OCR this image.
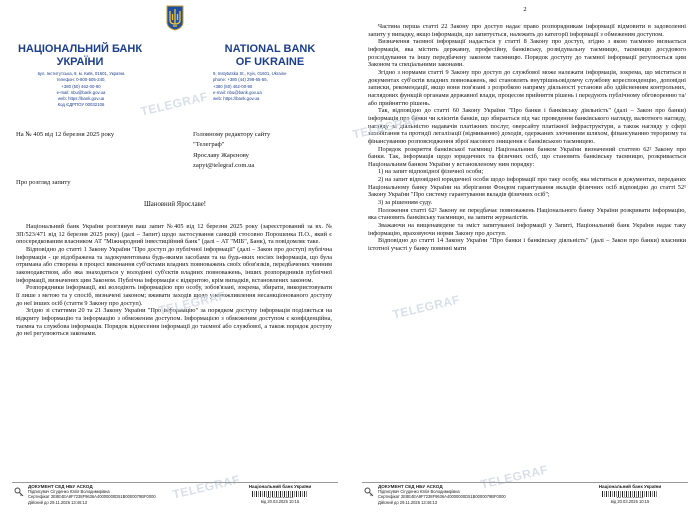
НАЦІОНАЛЬНИЙ БАНК
УКРАЇНИ
NATIONAL BANK
OF UKRAINE
вул. Інститутська, 9, м. Київ, 01601, Україна
телефон: 0-800-505-240,
+380 (50) 462-00-90
e-mail: nbu@bank.gov.ua
web: https://bank.gov.ua
Код ЄДРПОУ 00032106
9, Instytutska St., Kyiv, 01601, Ukraine
phone: +380 (44) 298-65-55,
+380 (50) 462-00-90
e-mail: nbu@bank.gov.ua
web: https://bank.gov.ua
На № 405 від 12 березня 2025 року	Головному редактору сайту
"Телеграф"
Ярославу Жарєнову
zapyt@telegraf.com.ua
Про розгляд запиту
Шановний Ярославе!

Національний банк України розглянув ваш запит №405 від 12 березня 2025 року (зареєстрований за вх. № ЗП/523/471 від 12 березня 2025 року) (далі – Запит) щодо застосування санкцій стосовно Порошенка П.О., який є опосередкованим власником АТ "Міжнародний інвестиційний банк" (далі – АТ "МІБ", Банк), та повідомляє таке.

Відповідно до статті 1 Закону України "Про доступ до публічної інформації" (далі – Закон про доступ) публічна інформація - це відображена та задокументована будь-якими засобами та на будь-яких носіях інформація, що була отримана або створена в процесі виконання суб'єктами владних повноважень своїх обов'язків, передбачених чинним законодавством, або яка знаходиться у володінні суб'єктів владних повноважень, інших розпорядників публічної інформації, визначених цим Законом. Публічна інформація є відкритою, крім випадків, встановлених законом.

Розпорядники інформації, які володіють інформацією про особу, зобов'язані, зокрема, збирати, використовувати її лише з метою та у спосіб, визначені законом; вживати заходів щодо унеможливлення несанкціонованого доступу до неї інших осіб (стаття 9 Закону про доступ).

Згідно зі статтями 20 та 21 Закону України "Про інформацію" за порядком доступу інформація поділяється на відкриту інформацію та інформацію з обмеженим доступом. Інформацією з обмеженим доступом є конфіденційна, таємна та службова інформація. Порядок віднесення інформації до таємної або службової, а також порядок доступу до неї регулюються законами.

TELEGRAF
TELEGRAF
TELEGRAF
ДОКУМЕНТ СЕД НБУ АСКОД
Підписувач Сігуденко Юлія Володимирівна
Сертифікат 2E8E4EA9F7238F9636A40000000D51B0000079BF0000
Дійсний до 29.11.2026 13:46:13
Національний банк України
від 20.03.2025 10:15
2

Частина перша статті 22 Закону про доступ надає право розпорядникам інформації відмовити в задоволенні запиту у випадку, якщо інформація, що запитується, належить до категорії інформації з обмеженим доступом.

Визначення таємної інформації надається у статті 8 Закону про доступ, згідно з якою таємною визнається інформація, яка містить державну, професійну, банківську, розвідувальну таємницю, таємницю досудового розслідування та іншу передбачену законом таємницю. Порядок доступу до таємної інформації регулюється цим Законом та спеціальними законами.

Згідно з нормами статті 9 Закону про доступ до службової може належати інформація, зокрема, що міститься в документах суб'єктів владних повноважень, які становлять внутрішньовідомчу службову кореспонденцію, доповідні записки, рекомендації, якщо вони пов'язані з розробкою напряму діяльності установи або здійсненням контрольних, наглядових функцій органами державної влади, процесом прийняття рішень і передують публічному обговоренню та/або прийняттю рішень.

Так, відповідно до статті 60 Закону України "Про банки і банківську діяльність" (далі – Закон про банки) інформація про банки чи клієнтів банків, що збирається під час проведення банківського нагляду, валютного нагляду, нагляду за діяльністю надавачів платіжних послуг, оверсайту платіжної інфраструктури, а також нагляду у сфері запобігання та протидії легалізації (відмиванню) доходів, одержаних злочинним шляхом, фінансуванню тероризму та фінансуванню розповсюдження зброї масового знищення є банківською таємницею.

Порядок розкриття банківської таємниці Національним банком України визначений статтею 62² Закону про банки. Так, інформація щодо юридичних та фізичних осіб, що становить банківську таємницю, розкривається Національним банком України у встановленому ним порядку:

1) на запит відповідної фізичної особи;

2) на запит відповідної юридичної особи щодо інформації про таку особу, яка міститься в документах, переданих Національному банку України на зберігання Фондом гарантування вкладів фізичних осіб відповідно до статті 52¹ Закону України "Про систему гарантування вкладів фізичних осіб";

3) за рішенням суду.

Положення статті 62² Закону не передбачає повноважень Національного банку України розкривати інформацію, яка становить банківську таємницю, на запити журналістів.

Зважаючи на вищенаведене та зміст запитуваної інформації у Запиті, Національний банк України надає таку інформацію, враховуючи норми Закону про доступ.

Відповідно до статті 14 Закону України "Про банки і банківську діяльність" (далі – Закон про банки) власники істотної участі у банку повинні мати

TELEGRAF
TELEGRAF
TELEGRAF
ДОКУМЕНТ СЕД НБУ АСКОД
Підписувач Сігуденко Юлія Володимирівна
Сертифікат 2E8E4EA9F7238F9636A40000000D51B0000079BF0000
Дійсний до 29.11.2026 13:46:13
Національний банк України
від 20.03.2025 10:15
